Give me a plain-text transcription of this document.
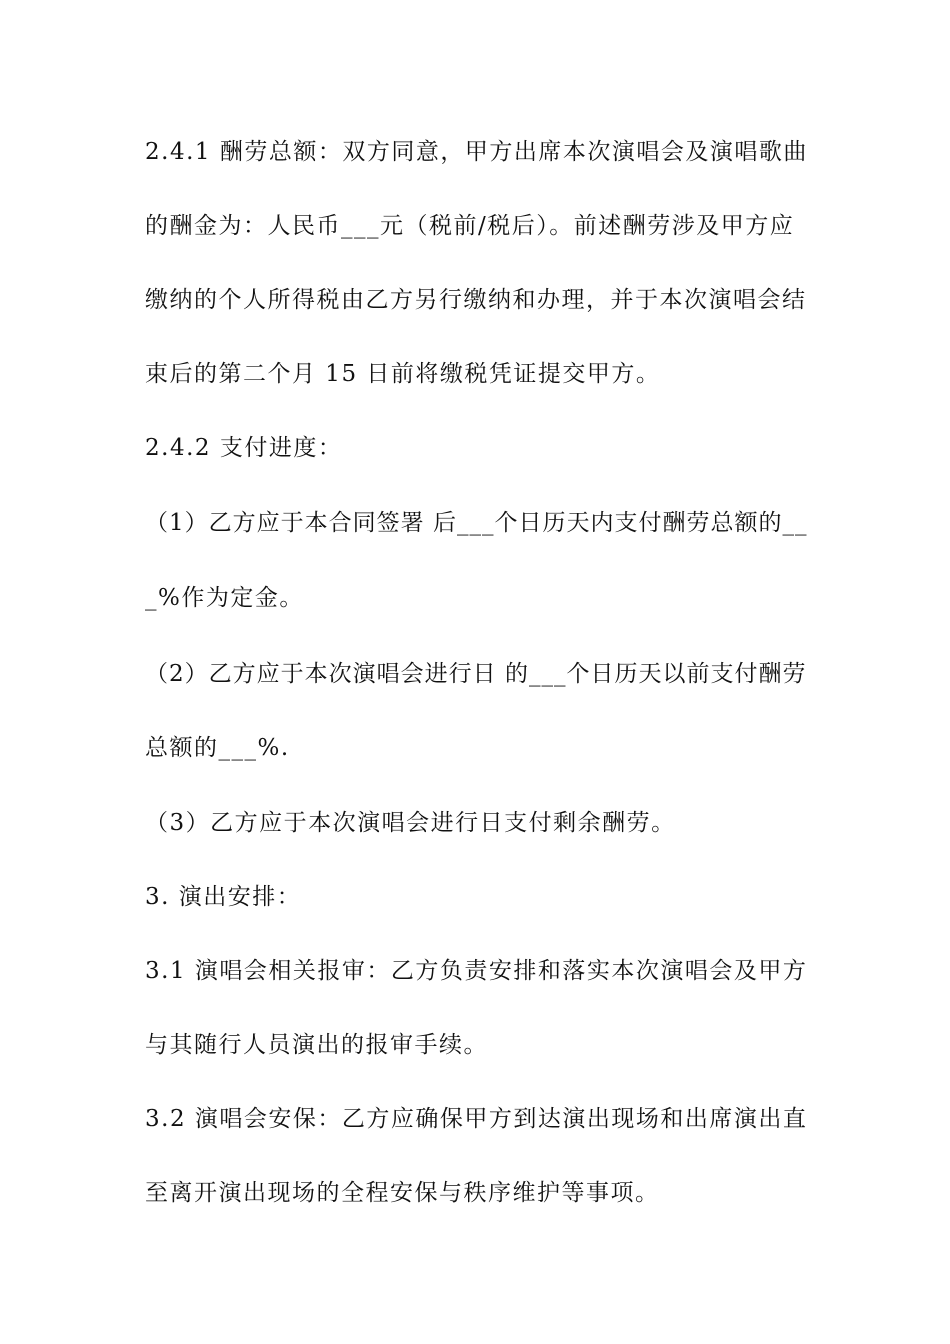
2.4.1 酬劳总额：双方同意，甲方出席本次演唱会及演唱歌曲
的酬金为：人民币___元（税前/税后）。前述酬劳涉及甲方应
缴纳的个人所得税由乙方另行缴纳和办理，并于本次演唱会结
束后的第二个月 15 日前将缴税凭证提交甲方。
2.4.2 支付进度：
（1）乙方应于本合同签署 后___个日历天内支付酬劳总额的__
_%作为定金。
（2）乙方应于本次演唱会进行日 的___个日历天以前支付酬劳
总额的___%.
（3）乙方应于本次演唱会进行日支付剩余酬劳。
3. 演出安排：
3.1 演唱会相关报审：乙方负责安排和落实本次演唱会及甲方
与其随行人员演出的报审手续。
3.2 演唱会安保：乙方应确保甲方到达演出现场和出席演出直
至离开演出现场的全程安保与秩序维护等事项。
